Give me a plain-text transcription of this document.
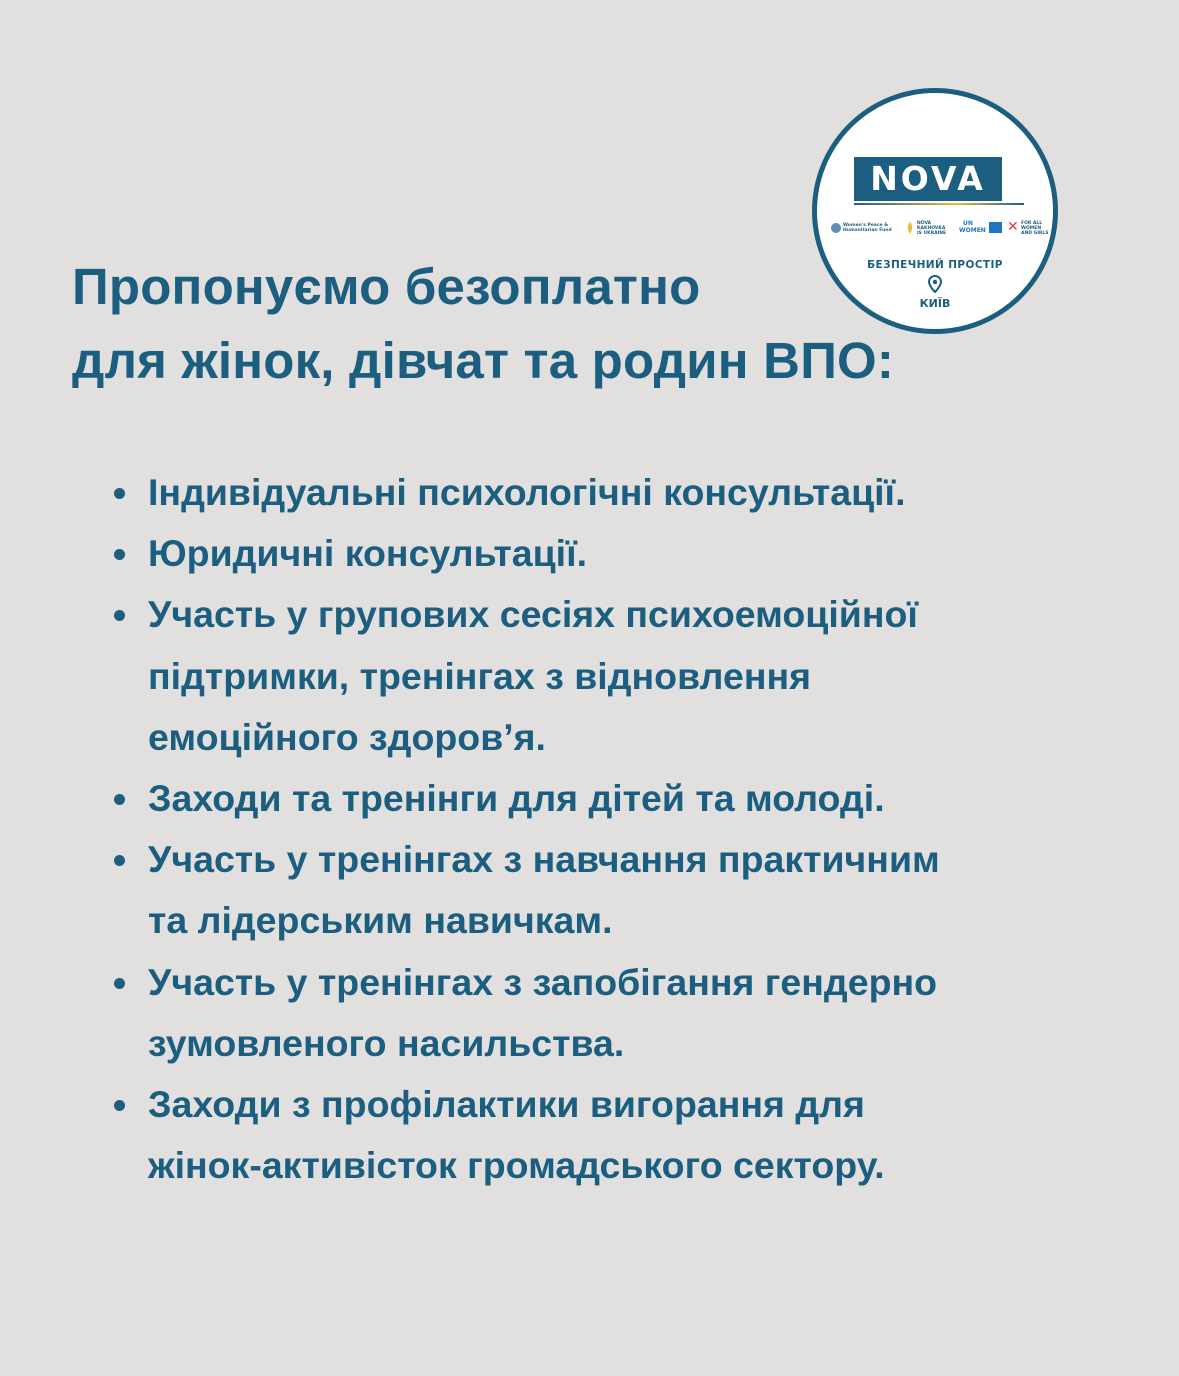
Пропонуємо безоплатно
для жінок, дівчат та родин ВПО:
Індивідуальні психологічні консультації.
Юридичні консультації.
Участь у групових сесіях психоемоційної
підтримки, тренінгах з відновлення
емоційного здоров’я.
Заходи та тренінги для дітей та молоді.
Участь у тренінгах з навчання практичним
та лідерським навичкам.
Участь у тренінгах з запобігання гендерно
зумовленого насильства.
Заходи з профілактики вигорання для
жінок-активісток громадського сектору.
NOVA
Women's Peace &
Humanitarian Fund
NOVA
KAKHOVKA
IS UKRAINE
UN
WOMEN ✕ FOR ALL
WOMEN
AND GIRLS
БЕЗПЕЧНИЙ ПРОСТІР
КИЇВ
